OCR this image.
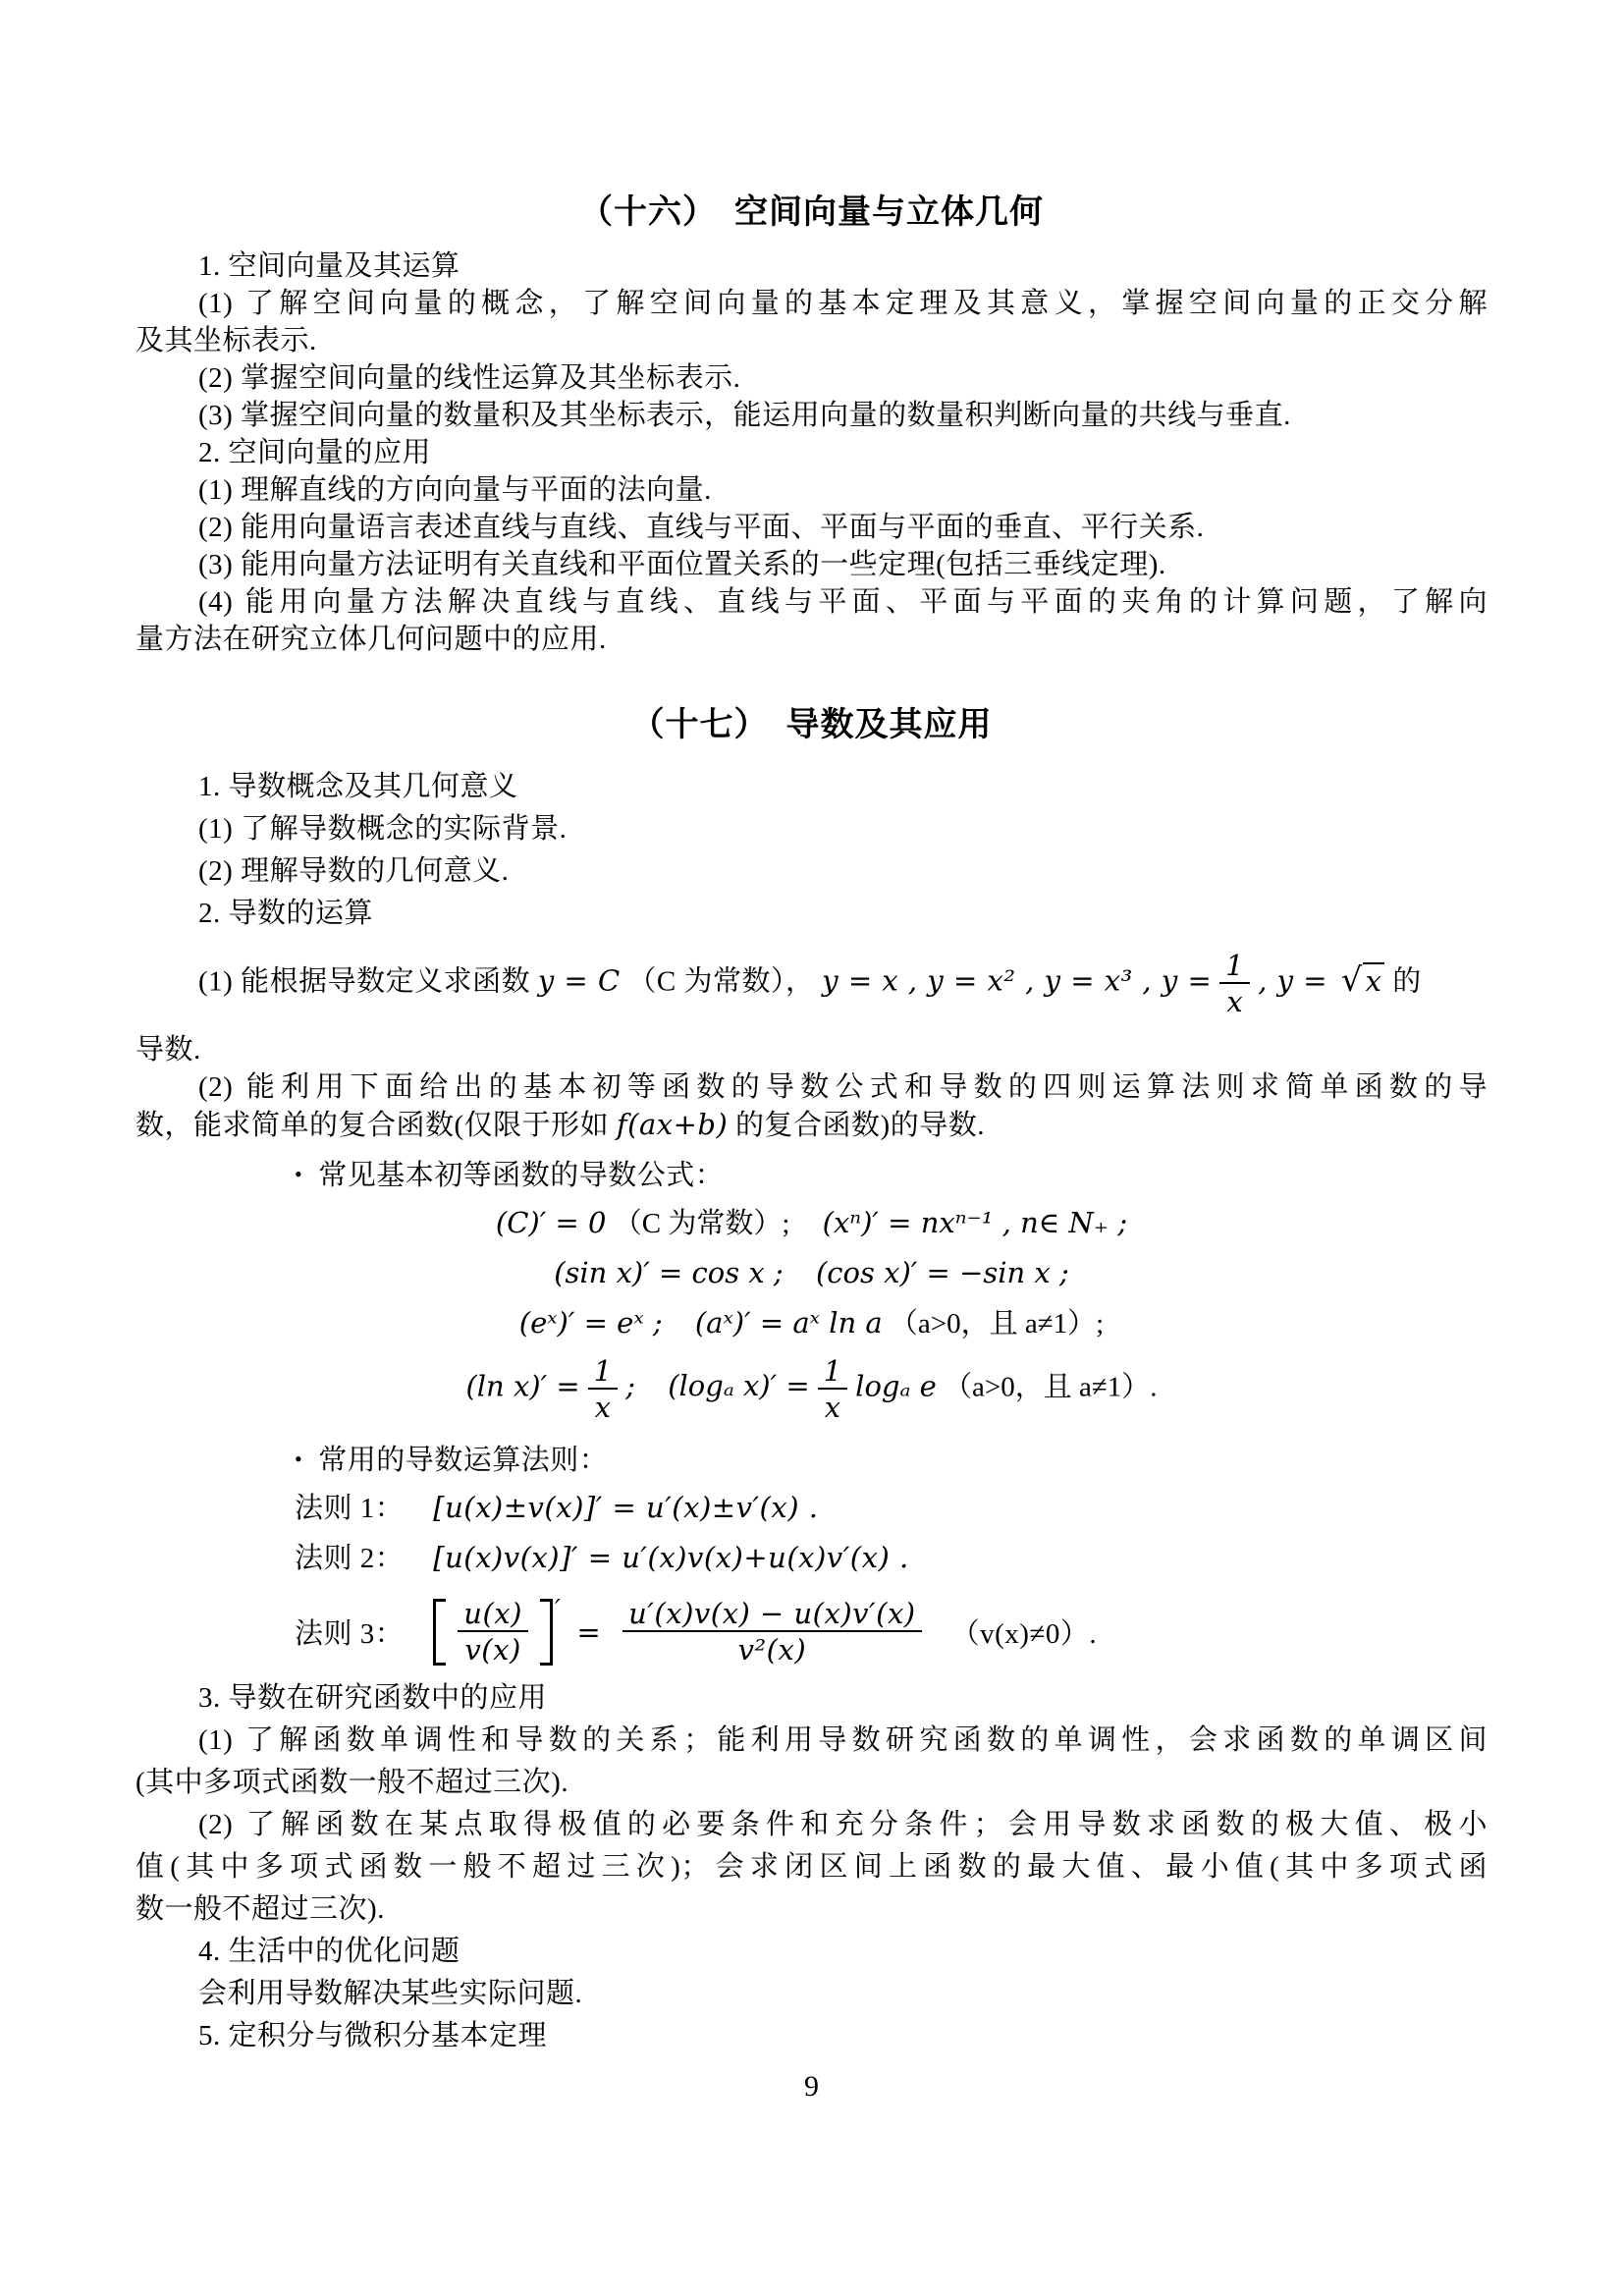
（十六）　空间向量与立体几何
1. 空间向量及其运算
(1) 了解空间向量的概念，了解空间向量的基本定理及其意义，掌握空间向量的正交分解
及其坐标表示.
(2) 掌握空间向量的线性运算及其坐标表示.
(3) 掌握空间向量的数量积及其坐标表示，能运用向量的数量积判断向量的共线与垂直.
2. 空间向量的应用
(1) 理解直线的方向向量与平面的法向量.
(2) 能用向量语言表述直线与直线、直线与平面、平面与平面的垂直、平行关系.
(3) 能用向量方法证明有关直线和平面位置关系的一些定理(包括三垂线定理).
(4) 能用向量方法解决直线与直线、直线与平面、平面与平面的夹角的计算问题，了解向
量方法在研究立体几何问题中的应用.
（十七）　导数及其应用
1. 导数概念及其几何意义
(1) 了解导数概念的实际背景.
(2) 理解导数的几何意义.
2. 导数的运算
(1) 能根据导数定义求函数 y = C （C 为常数）， y = x , y = x² , y = x³ , $y = \frac{1}{x}$ , y = √ x 的
导数.
(2) 能利用下面给出的基本初等函数的导数公式和导数的四则运算法则求简单函数的导
数，能求简单的复合函数(仅限于形如 f(ax+b) 的复合函数)的导数.
• 常见基本初等函数的导数公式：
(C)′ = 0 （C 为常数）; (xⁿ)′ = nxⁿ⁻¹ , n∈ N₊ ;
(sin x)′ = cos x ; (cos x)′ = −sin x ;
(eˣ)′ = eˣ ; (aˣ)′ = aˣ ln a （a>0，且 a≠1）;
(ln $x)' = \frac{1}{x}$ ; (logₐ $x)' = \frac{1}{x}$ logₐ e （a>0，且 a≠1）.
• 常用的导数运算法则：
法则 1： [u(x)±v(x)]′ = u′(x)±v′(x) .
法则 2： [u(x)v(x)]′ = u′(x)v(x)+u(x)v′(x) .
法则 3： $\frac{u(x)}{v(x)}$ ′
= $\frac{u'(x)v(x) - u(x)v'(x)}{\text{v²(x)}} (v(x)\ne 0)$.
3. 导数在研究函数中的应用
(1) 了解函数单调性和导数的关系；能利用导数研究函数的单调性，会求函数的单调区间
(其中多项式函数一般不超过三次).
(2) 了解函数在某点取得极值的必要条件和充分条件；会用导数求函数的极大值、极小
值(其中多项式函数一般不超过三次)；会求闭区间上函数的最大值、最小值(其中多项式函
数一般不超过三次).
4. 生活中的优化问题
会利用导数解决某些实际问题.
5. 定积分与微积分基本定理
9
